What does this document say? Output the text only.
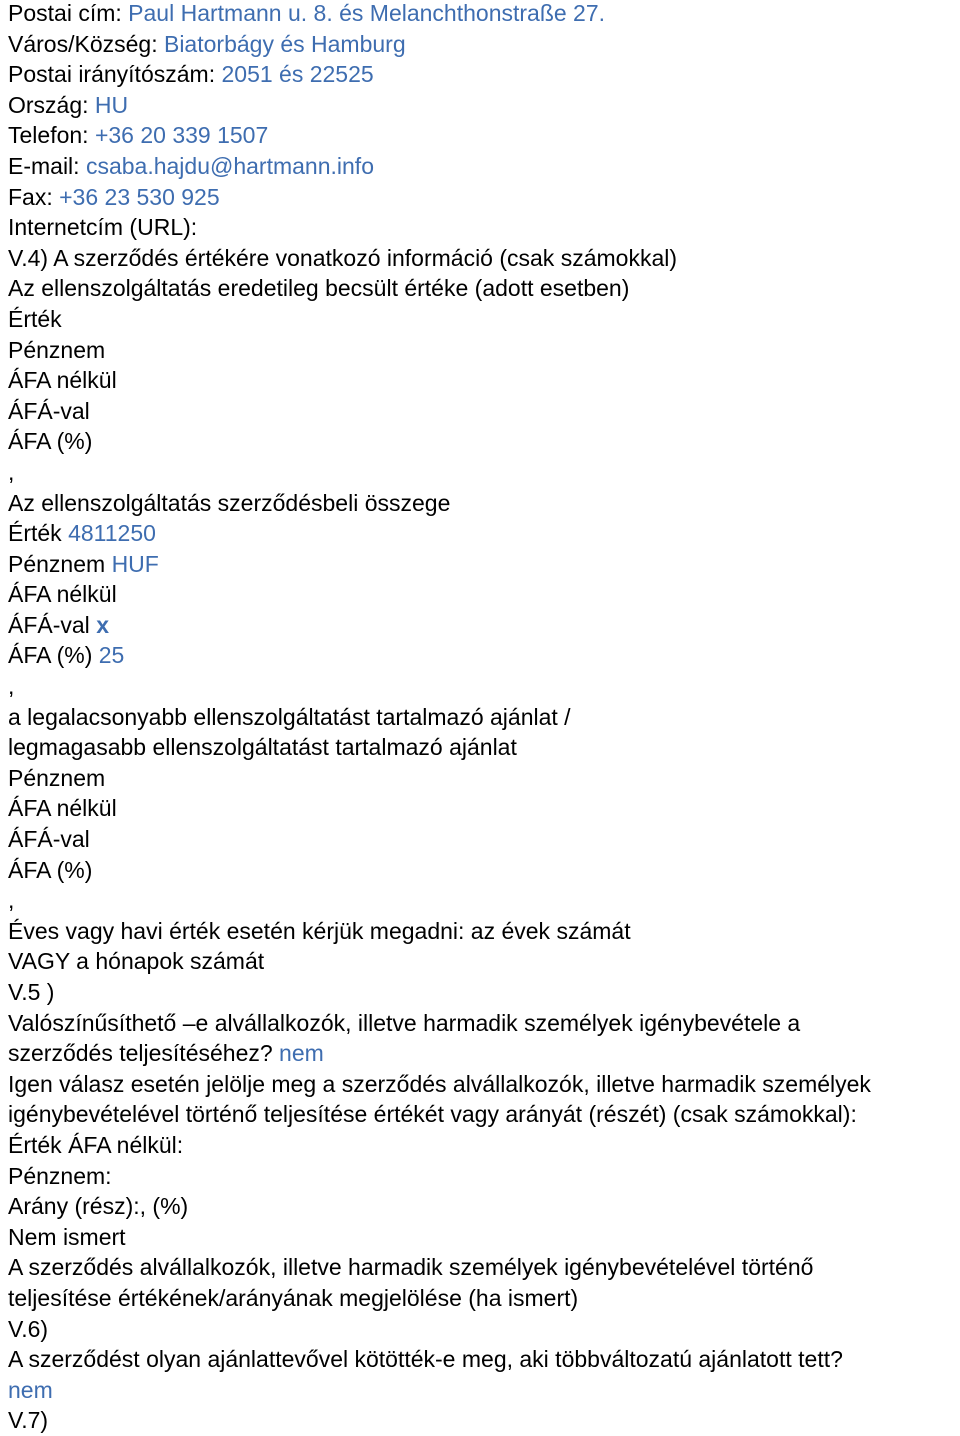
Postai cím: Paul Hartmann u. 8. és Melanchthonstraße 27.

Város/Község: Biatorbágy és Hamburg

Postai irányítószám: 2051 és 22525

Ország: HU

Telefon: +36 20 339 1507

E-mail: csaba.hajdu@hartmann.info

Fax: +36 23 530 925

Internetcím (URL):

V.4) A szerződés értékére vonatkozó információ (csak számokkal)

Az ellenszolgáltatás eredetileg becsült értéke (adott esetben)

Érték

Pénznem

ÁFA nélkül

ÁFÁ-val

ÁFA (%)

,

Az ellenszolgáltatás szerződésbeli összege

Érték 4811250

Pénznem HUF

ÁFA nélkül

ÁFÁ-val x

ÁFA (%) 25

,

a legalacsonyabb ellenszolgáltatást tartalmazó ajánlat /

legmagasabb ellenszolgáltatást tartalmazó ajánlat

Pénznem

ÁFA nélkül

ÁFÁ-val

ÁFA (%)

,

Éves vagy havi érték esetén kérjük megadni: az évek számát

VAGY a hónapok számát

V.5 )

Valószínűsíthető –e alvállalkozók, illetve harmadik személyek igénybevétele a

szerződés teljesítéséhez? nem

Igen válasz esetén jelölje meg a szerződés alvállalkozók, illetve harmadik személyek

igénybevételével történő teljesítése értékét vagy arányát (részét) (csak számokkal):

Érték ÁFA nélkül:

Pénznem:

Arány (rész):, (%)

Nem ismert

A szerződés alvállalkozók, illetve harmadik személyek igénybevételével történő

teljesítése értékének/arányának megjelölése (ha ismert)

V.6)

A szerződést olyan ajánlattevővel kötötték-e meg, aki többváltozatú ajánlatott tett?

nem

V.7)
